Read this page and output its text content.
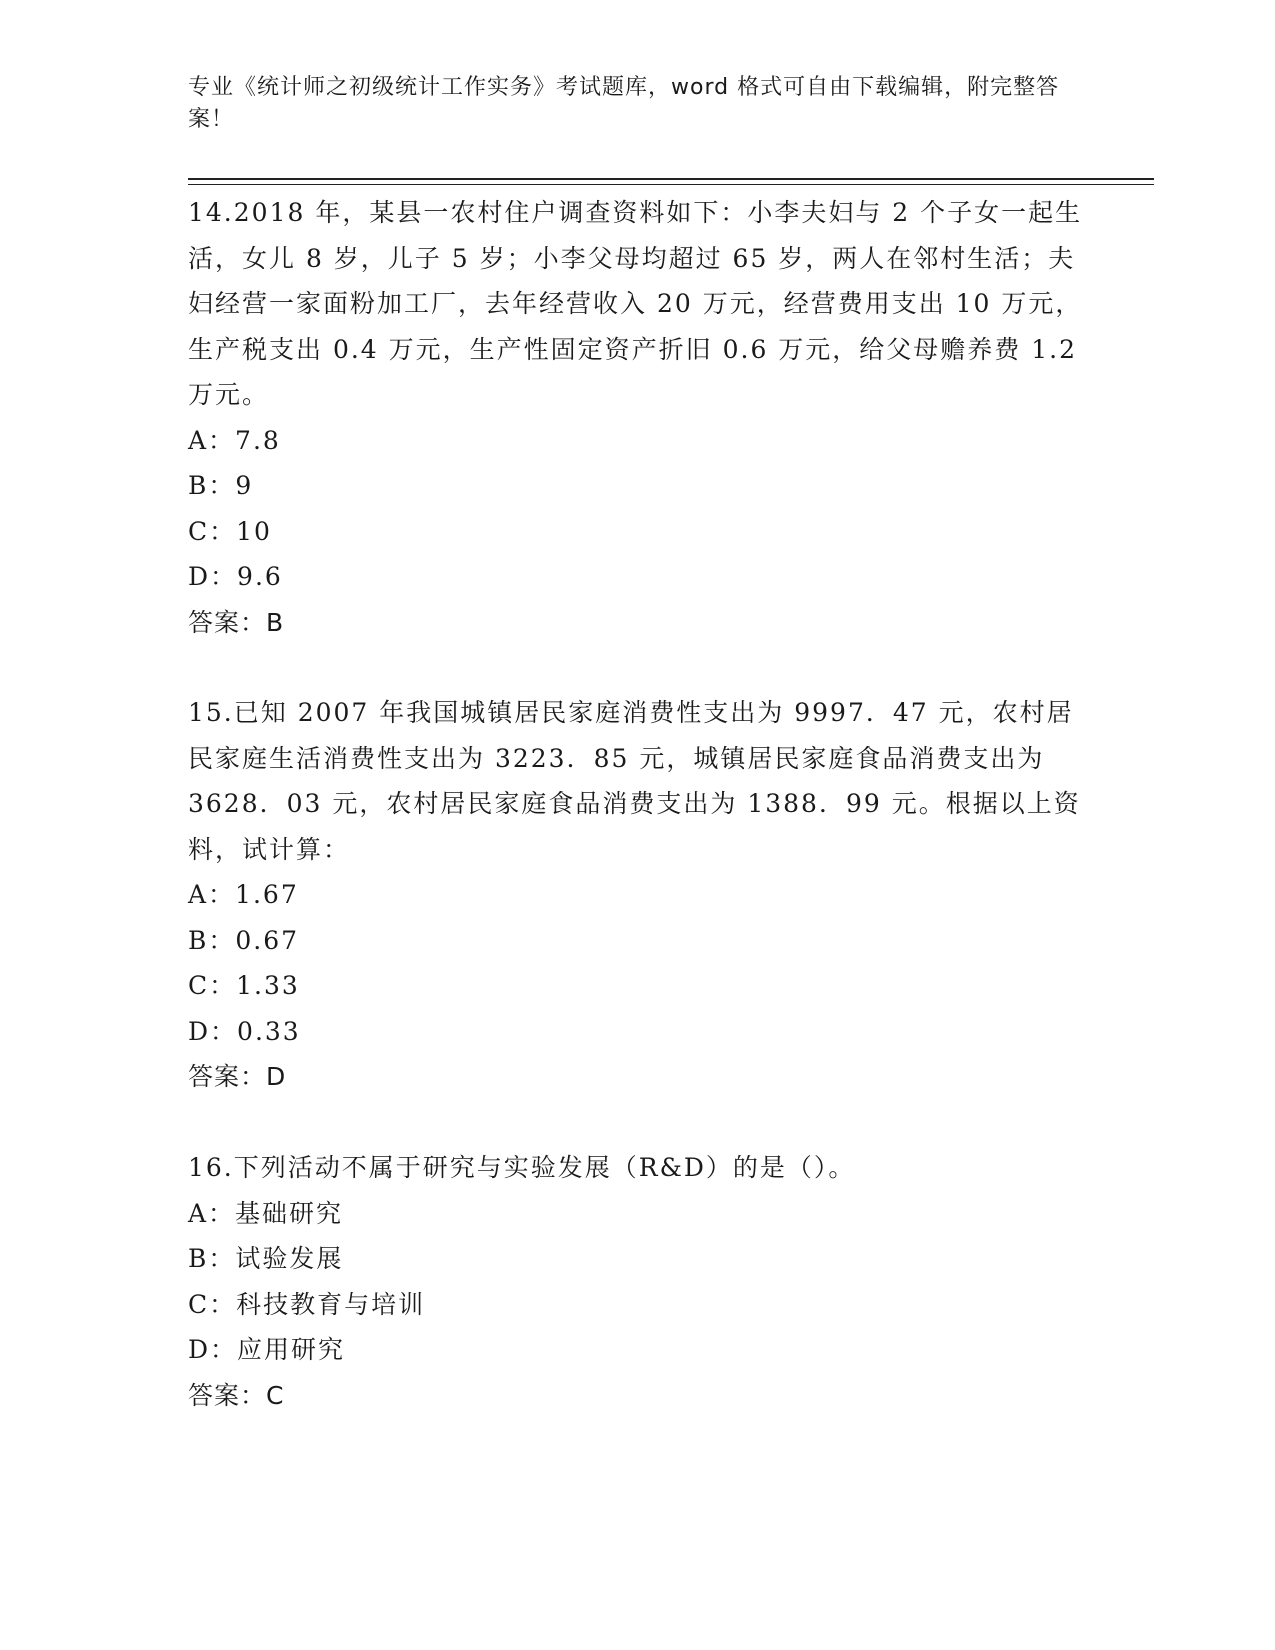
专业《统计师之初级统计工作实务》考试题库，word 格式可自由下载编辑，附完整答案！

14.2018 年，某县一农村住户调查资料如下：小李夫妇与 2 个子女一起生活，女儿 8 岁，儿子 5 岁；小李父母均超过 65 岁，两人在邻村生活；夫妇经营一家面粉加工厂，去年经营收入 20 万元，经营费用支出 10 万元，生产税支出 0.4 万元，生产性固定资产折旧 0.6 万元，给父母赡养费 1.2 万元。

A：7.8

B：9

C：10

D：9.6

答案：B

15.已知 2007 年我国城镇居民家庭消费性支出为 9997．47 元，农村居民家庭生活消费性支出为 3223．85 元，城镇居民家庭食品消费支出为 3628．03 元，农村居民家庭食品消费支出为 1388．99 元。根据以上资料，试计算：

A：1.67

B：0.67

C：1.33

D：0.33

答案：D

16.下列活动不属于研究与实验发展（R&D）的是（）。

A：基础研究

B：试验发展

C：科技教育与培训

D：应用研究

答案：C
